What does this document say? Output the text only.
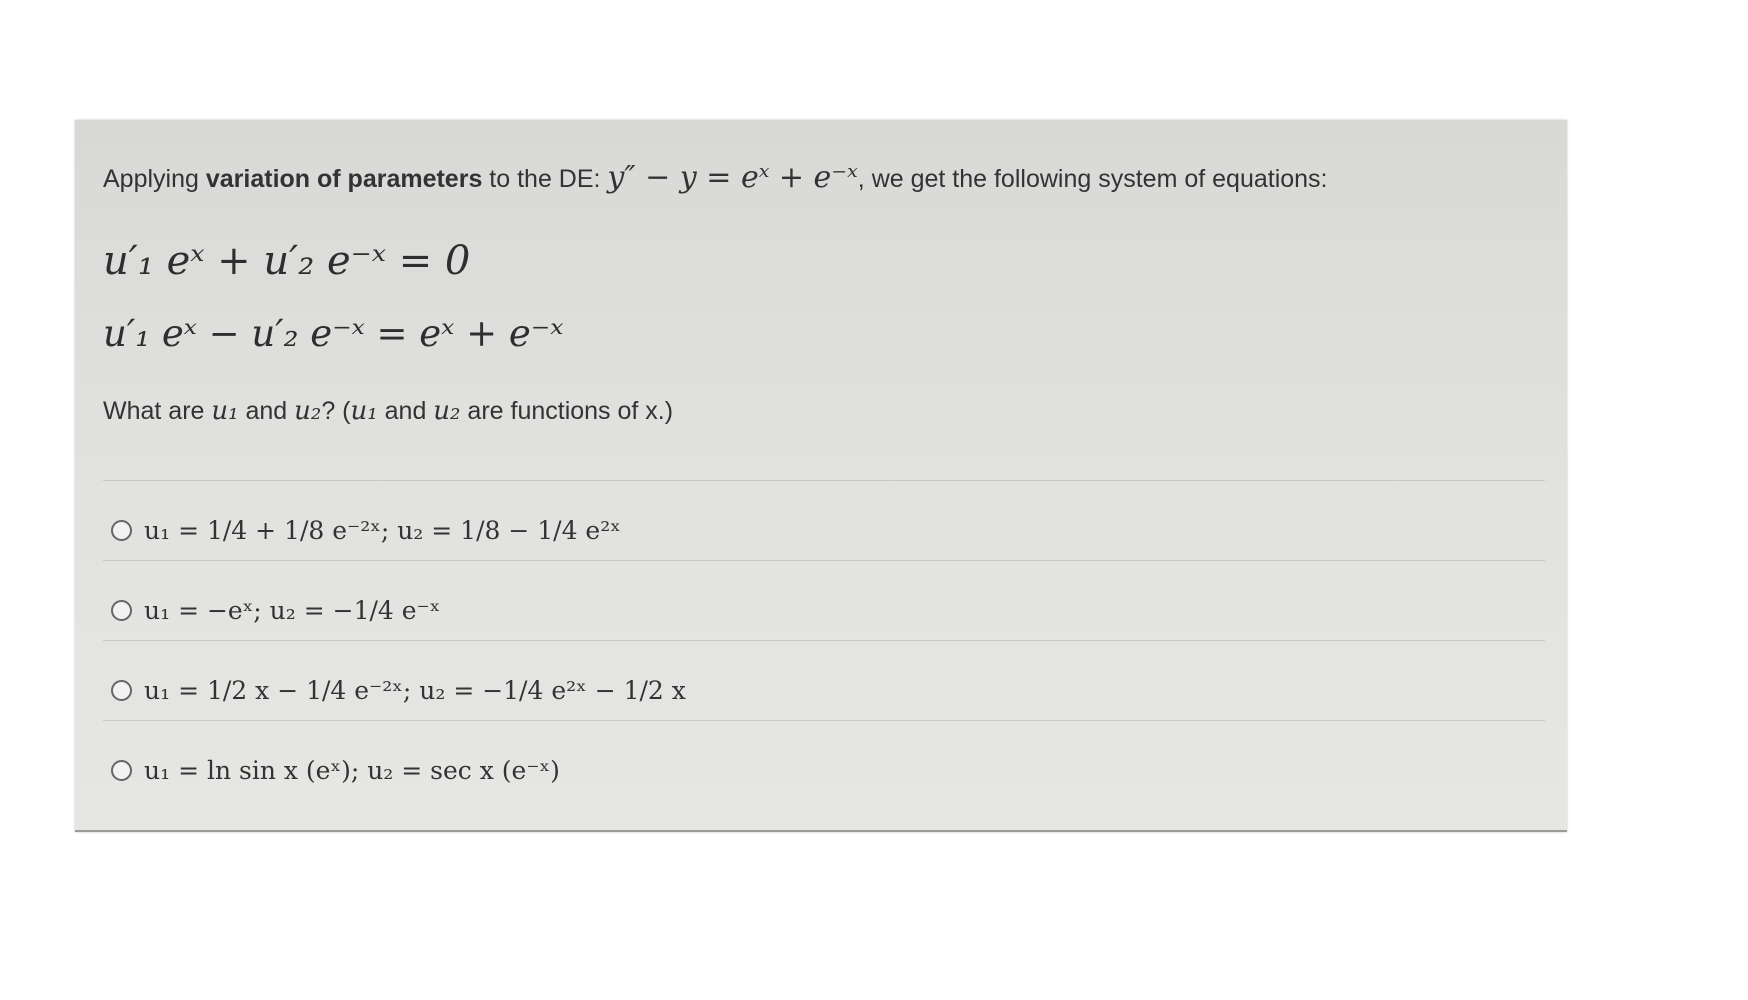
Applying variation of parameters to the DE: y″ − y = eˣ + e⁻ˣ, we get the following system of equations:
u′₁ eˣ + u′₂ e⁻ˣ = 0
u′₁ eˣ − u′₂ e⁻ˣ = eˣ + e⁻ˣ
What are u₁ and u₂? (u₁ and u₂ are functions of x.)
u₁ = 1/4 + 1/8 e⁻²ˣ; u₂ = 1/8 − 1/4 e²ˣ
u₁ = −eˣ; u₂ = −1/4 e⁻ˣ
u₁ = 1/2 x − 1/4 e⁻²ˣ; u₂ = −1/4 e²ˣ − 1/2 x
u₁ = ln sin x (eˣ); u₂ = sec x (e⁻ˣ)
